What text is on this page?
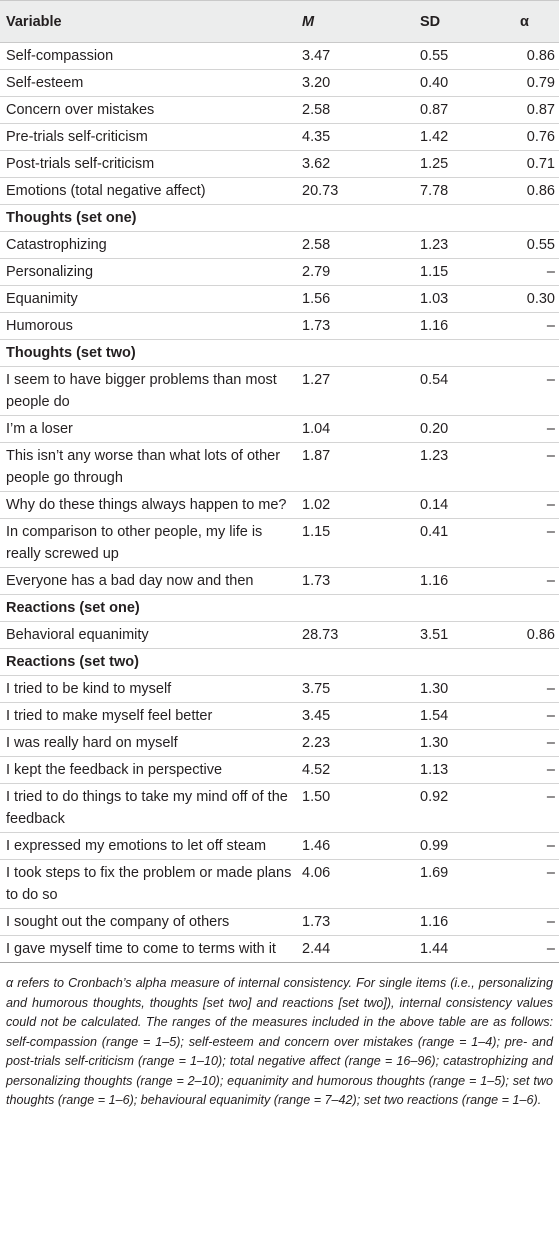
Variable	M	SD	α
Self-compassion	3.47	0.55	0.86
Self-esteem	3.20	0.40	0.79
Concern over mistakes	2.58	0.87	0.87
Pre-trials self-criticism	4.35	1.42	0.76
Post-trials self-criticism	3.62	1.25	0.71
Emotions (total negative affect)	20.73	7.78	0.86
Thoughts (set one)			
Catastrophizing	2.58	1.23	0.55
Personalizing	2.79	1.15	–
Equanimity	1.56	1.03	0.30
Humorous	1.73	1.16	–
Thoughts (set two)			
I seem to have bigger problems than most people do	1.27	0.54	–
I’m a loser	1.04	0.20	–
This isn’t any worse than what lots of other people go through	1.87	1.23	–
Why do these things always happen to me?	1.02	0.14	–
In comparison to other people, my life is really screwed up	1.15	0.41	–
Everyone has a bad day now and then	1.73	1.16	–
Reactions (set one)			
Behavioral equanimity	28.73	3.51	0.86
Reactions (set two)			
I tried to be kind to myself	3.75	1.30	–
I tried to make myself feel better	3.45	1.54	–
I was really hard on myself	2.23	1.30	–
I kept the feedback in perspective	4.52	1.13	–
I tried to do things to take my mind off of the feedback	1.50	0.92	–
I expressed my emotions to let off steam	1.46	0.99	–
I took steps to fix the problem or made plans to do so	4.06	1.69	–
I sought out the company of others	1.73	1.16	–
I gave myself time to come to terms with it	2.44	1.44	–
α refers to Cronbach’s alpha measure of internal consistency. For single items (i.e., personalizing and humorous thoughts, thoughts [set two] and reactions [set two]), internal consistency values could not be calculated. The ranges of the measures included in the above table are as follows: self-compassion (range = 1–5); self-esteem and concern over mistakes (range = 1–4); pre- and post-trials self-criticism (range = 1–10); total negative affect (range = 16–96); catastrophizing and personalizing thoughts (range = 2–10); equanimity and humorous thoughts (range = 1–5); set two thoughts (range = 1–6); behavioural equanimity (range = 7–42); set two reactions (range = 1–6).
